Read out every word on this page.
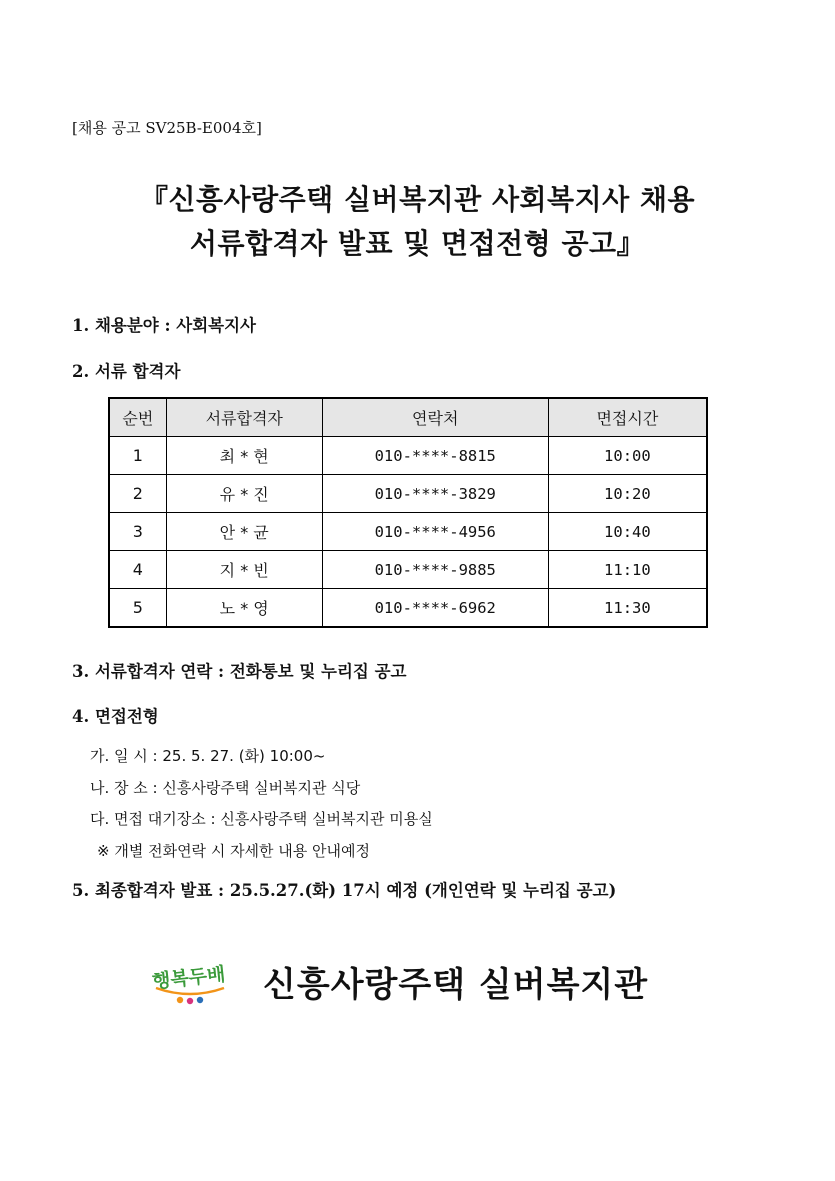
[채용 공고 SV25B-E004호]
『신흥사랑주택 실버복지관 사회복지사 채용
서류합격자 발표 및 면접전형 공고』
1. 채용분야 : 사회복지사
2. 서류 합격자
순번	서류합격자	연락처	면접시간
1	최 * 현	010-****-8815	10:00
2	유 * 진	010-****-3829	10:20
3	안 * 균	010-****-4956	10:40
4	지 * 빈	010-****-9885	11:10
5	노 * 영	010-****-6962	11:30
3. 서류합격자 연락 : 전화통보 및 누리집 공고
4. 면접전형
가. 일 시 : 25. 5. 27. (화) 10:00~
나. 장 소 : 신흥사랑주택 실버복지관 식당
다. 면접 대기장소 : 신흥사랑주택 실버복지관 미용실
※ 개별 전화연락 시 자세한 내용 안내예정
5. 최종합격자 발표 : 25.5.27.(화) 17시 예정 (개인연락 및 누리집 공고)
행복두배 신흥사랑주택 실버복지관
